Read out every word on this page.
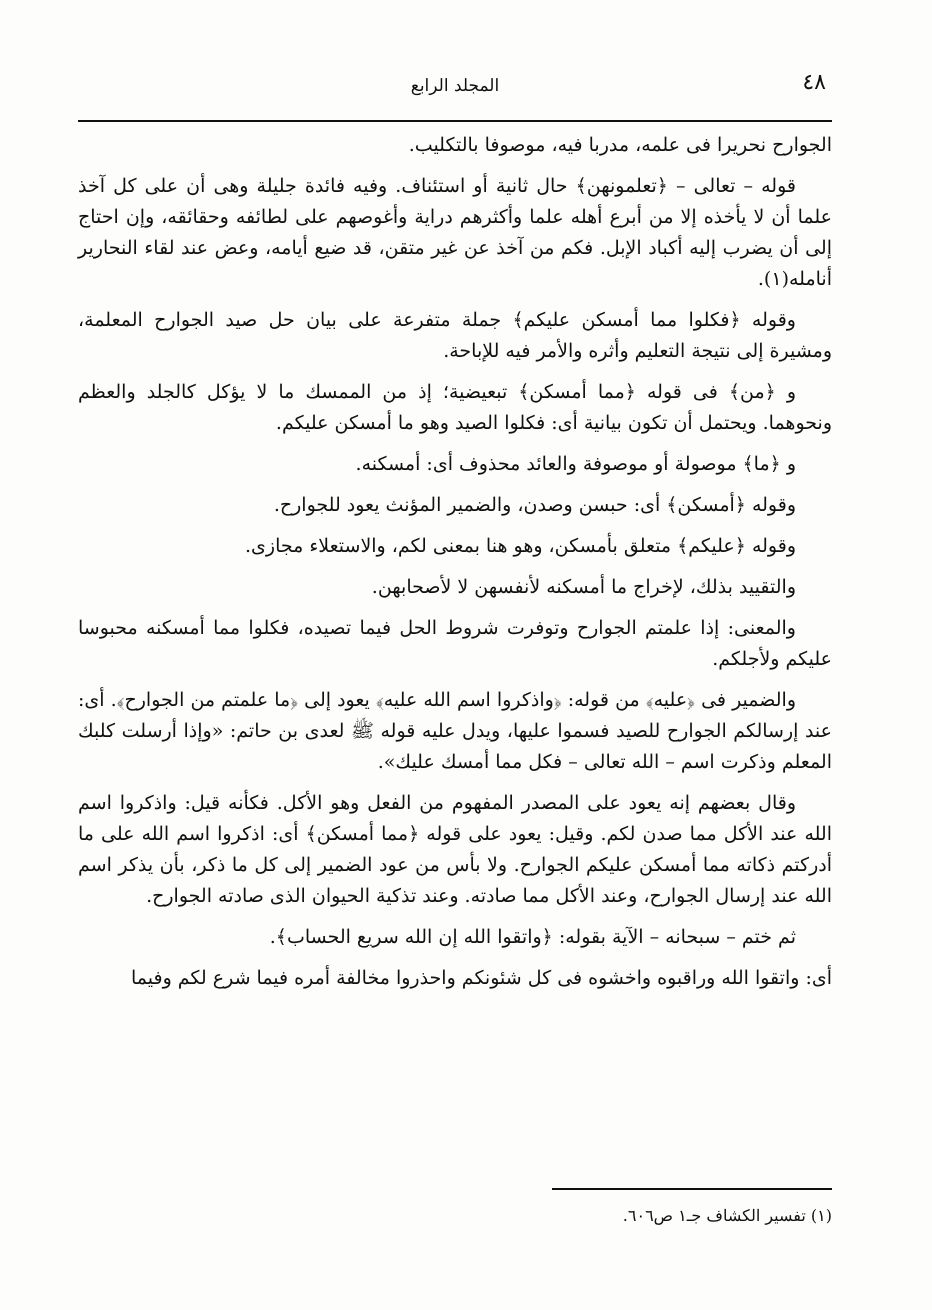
٤٨
المجلد الرابع

الجوارح نحريرا فى علمه، مدربا فيه، موصوفا بالتكليب.

قوله – تعالى – ﴿تعلمونهن﴾ حال ثانية أو استئناف. وفيه فائدة جليلة وهى أن على كل آخذ علما أن لا يأخذه إلا من أبرع أهله علما وأكثرهم دراية وأغوصهم على لطائفه وحقائقه، وإن احتاج إلى أن يضرب إليه أكباد الإبل. فكم من آخذ عن غير متقن، قد ضيع أيامه، وعض عند لقاء النحارير أنامله(١).

وقوله ﴿فكلوا مما أمسكن عليكم﴾ جملة متفرعة على بيان حل صيد الجوارح المعلمة، ومشيرة إلى نتيجة التعليم وأثره والأمر فيه للإباحة.

و ﴿من﴾ فى قوله ﴿مما أمسكن﴾ تبعيضية؛ إذ من الممسك ما لا يؤكل كالجلد والعظم ونحوهما. ويحتمل أن تكون بيانية أى: فكلوا الصيد وهو ما أمسكن عليكم.

و ﴿ما﴾ موصولة أو موصوفة والعائد محذوف أى: أمسكنه.

وقوله ﴿أمسكن﴾ أى: حبسن وصدن، والضمير المؤنث يعود للجوارح.

وقوله ﴿عليكم﴾ متعلق بأمسكن، وهو هنا بمعنى لكم، والاستعلاء مجازى.

والتقييد بذلك، لإخراج ما أمسكنه لأنفسهن لا لأصحابهن.

والمعنى: إذا علمتم الجوارح وتوفرت شروط الحل فيما تصيده، فكلوا مما أمسكنه محبوسا عليكم ولأجلكم.

والضمير فى ﴿عليه﴾ من قوله: ﴿واذكروا اسم الله عليه﴾ يعود إلى ﴿ما علمتم من الجوارح﴾. أى: عند إرسالكم الجوارح للصيد فسموا عليها، ويدل عليه قوله ﷺ لعدى بن حاتم: «وإذا أرسلت كلبك المعلم وذكرت اسم – الله تعالى – فكل مما أمسك عليك».

وقال بعضهم إنه يعود على المصدر المفهوم من الفعل وهو الأكل. فكأنه قيل: واذكروا اسم الله عند الأكل مما صدن لكم. وقيل: يعود على قوله ﴿مما أمسكن﴾ أى: اذكروا اسم الله على ما أدركتم ذكاته مما أمسكن عليكم الجوارح. ولا بأس من عود الضمير إلى كل ما ذكر، بأن يذكر اسم الله عند إرسال الجوارح، وعند الأكل مما صادته. وعند تذكية الحيوان الذى صادته الجوارح.

ثم ختم – سبحانه – الآية بقوله: ﴿واتقوا الله إن الله سريع الحساب﴾.

أى: واتقوا الله وراقبوه واخشوه فى كل شئونكم واحذروا مخالفة أمره فيما شرع لكم وفيما

(١) تفسير الكشاف جـ١ ص٦٠٦.
